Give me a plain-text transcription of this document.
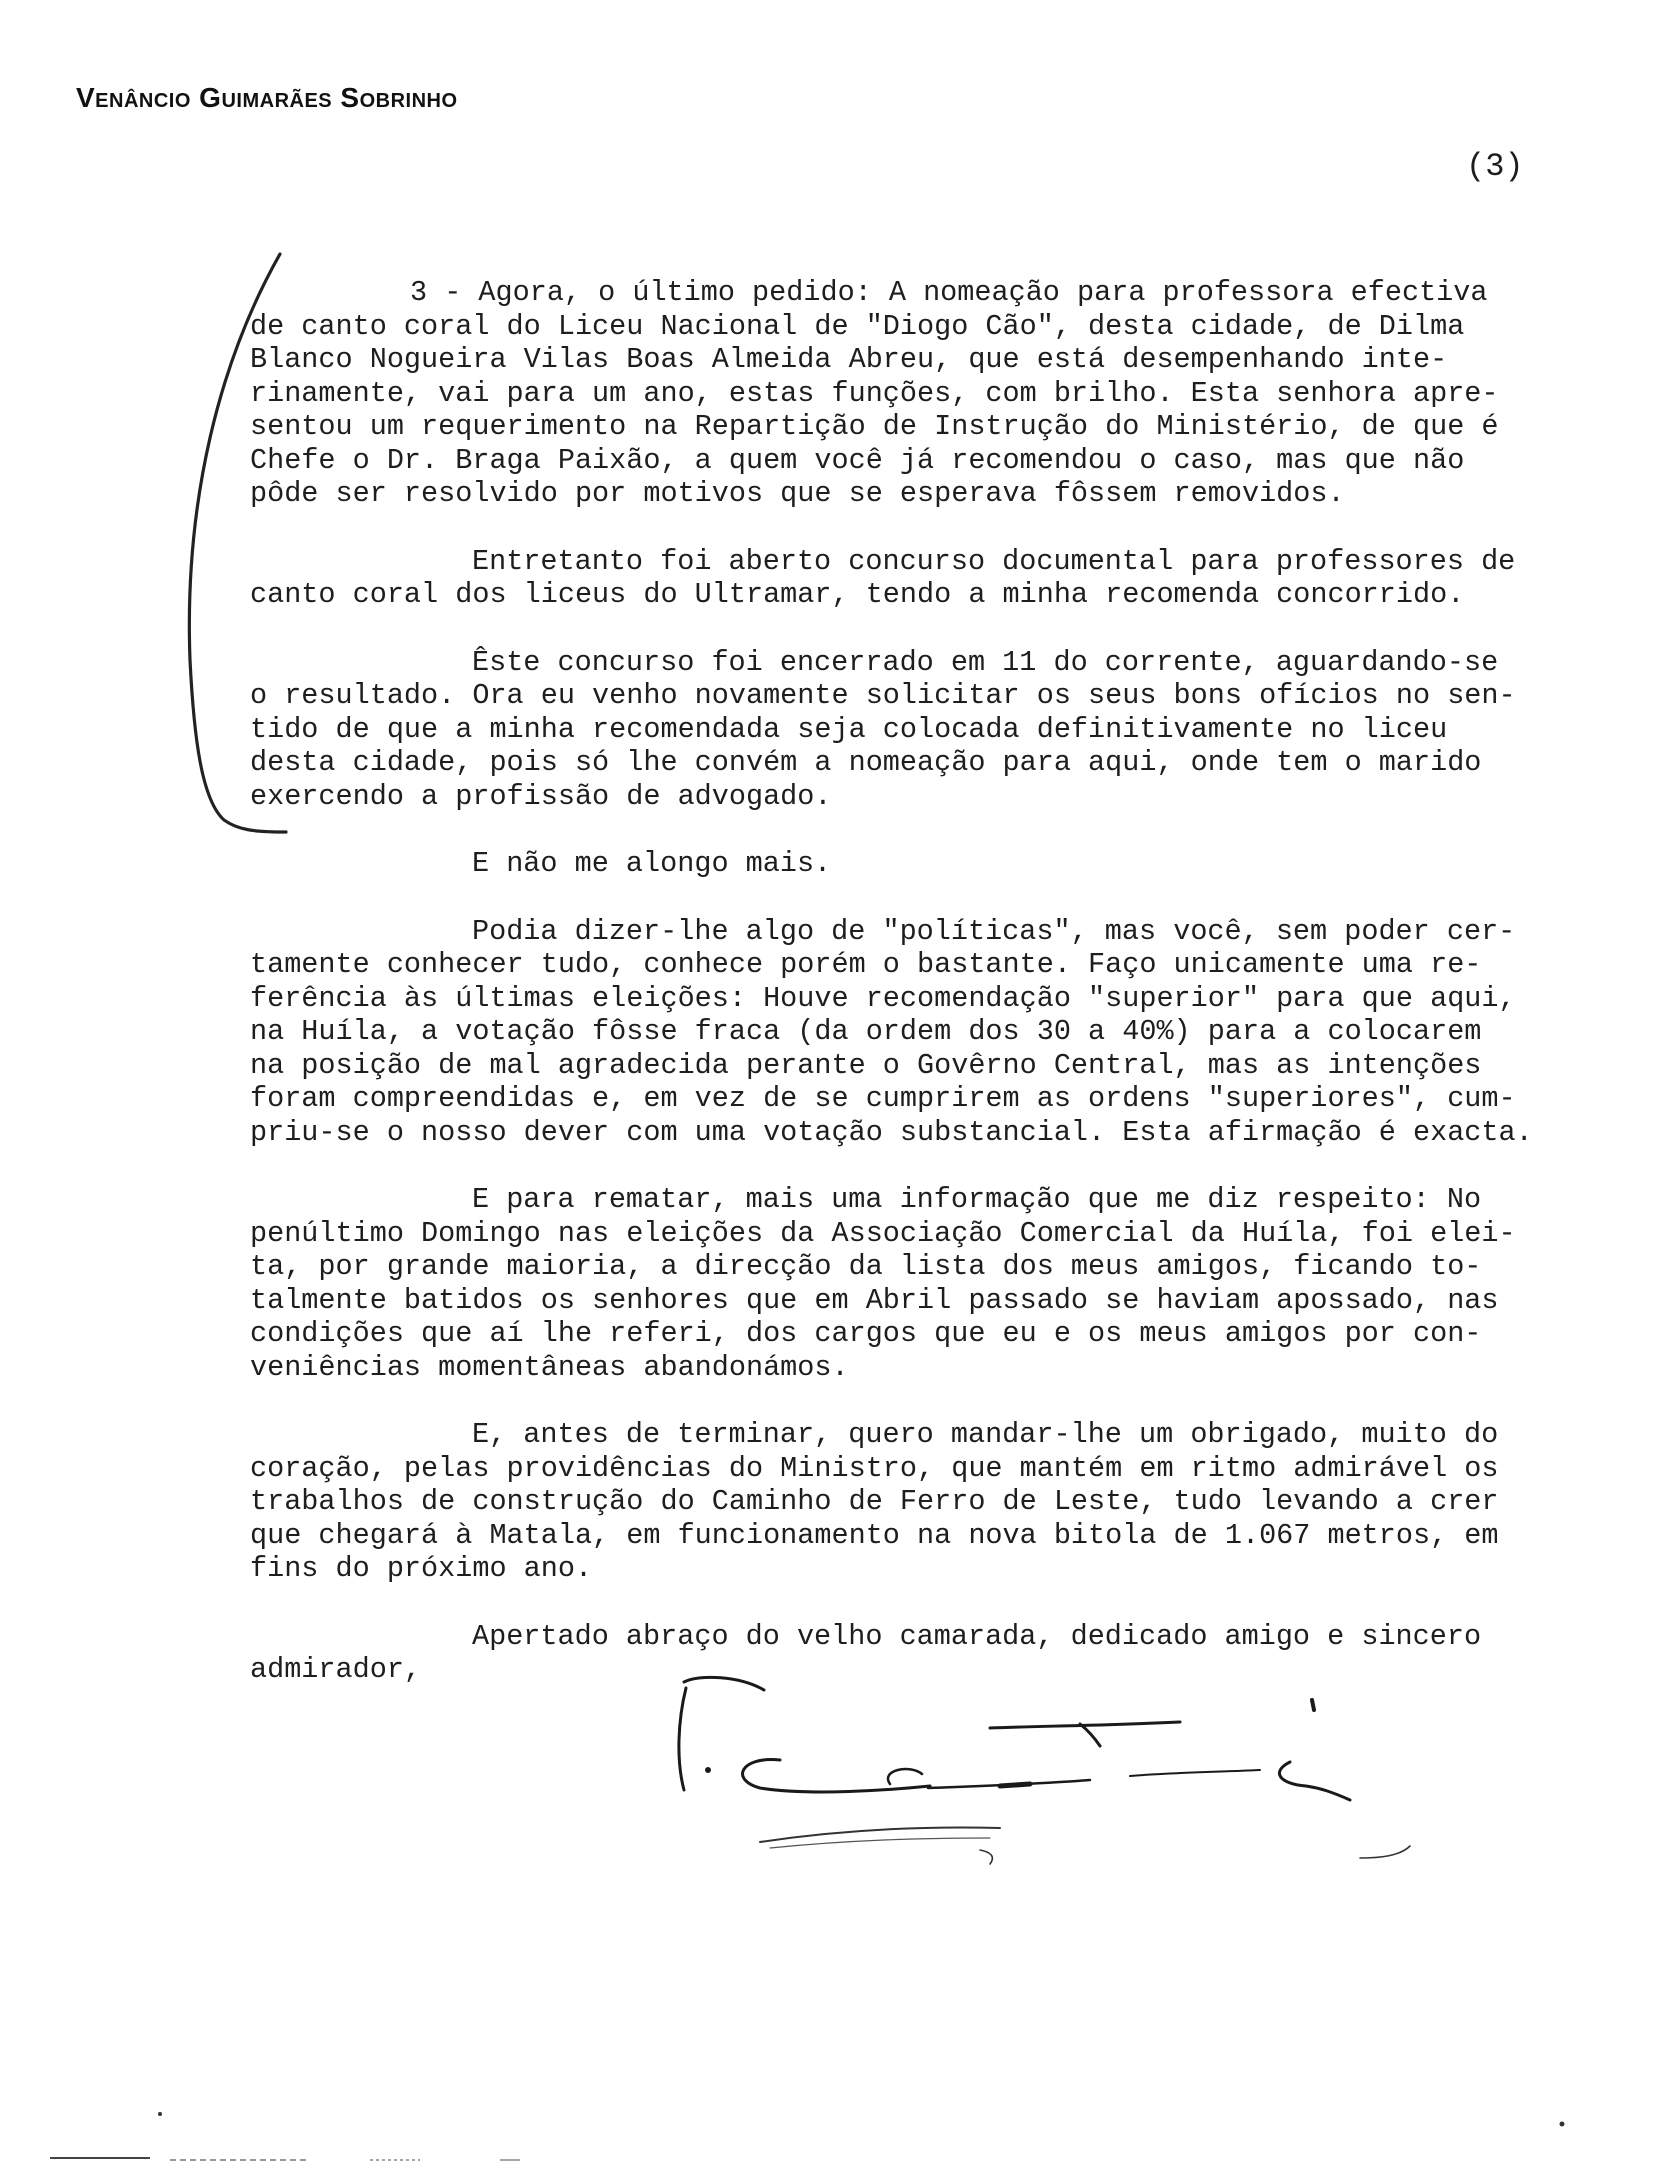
Venâncio Guimarães Sobrinho
(3)
3 - Agora, o último pedido: A nomeação para professora efectiva
de canto coral do Liceu Nacional de "Diogo Cão", desta cidade, de Dilma
Blanco Nogueira Vilas Boas Almeida Abreu, que está desempenhando inte-
rinamente, vai para um ano, estas funções, com brilho. Esta senhora apre-
sentou um requerimento na Repartição de Instrução do Ministério, de que é
Chefe o Dr. Braga Paixão, a quem você já recomendou o caso, mas que não
pôde ser resolvido por motivos que se esperava fôssem removidos.
Entretanto foi aberto concurso documental para professores de
canto coral dos liceus do Ultramar, tendo a minha recomenda concorrido.
Êste concurso foi encerrado em 11 do corrente, aguardando-se
o resultado. Ora eu venho novamente solicitar os seus bons ofícios no sen-
tido de que a minha recomendada seja colocada definitivamente no liceu
desta cidade, pois só lhe convém a nomeação para aqui, onde tem o marido
exercendo a profissão de advogado.
E não me alongo mais.
Podia dizer-lhe algo de "políticas", mas você, sem poder cer-
tamente conhecer tudo, conhece porém o bastante. Faço unicamente uma re-
ferência às últimas eleições: Houve recomendação "superior" para que aqui,
na Huíla, a votação fôsse fraca (da ordem dos 30 a 40%) para a colocarem
na posição de mal agradecida perante o Govêrno Central, mas as intenções
foram compreendidas e, em vez de se cumprirem as ordens "superiores", cum-
priu-se o nosso dever com uma votação substancial. Esta afirmação é exacta.
E para rematar, mais uma informação que me diz respeito: No
penúltimo Domingo nas eleições da Associação Comercial da Huíla, foi elei-
ta, por grande maioria, a direcção da lista dos meus amigos, ficando to-
talmente batidos os senhores que em Abril passado se haviam apossado, nas
condições que aí lhe referi, dos cargos que eu e os meus amigos por con-
veniências momentâneas abandonámos.
E, antes de terminar, quero mandar-lhe um obrigado, muito do
coração, pelas providências do Ministro, que mantém em ritmo admirável os
trabalhos de construção do Caminho de Ferro de Leste, tudo levando a crer
que chegará à Matala, em funcionamento na nova bitola de 1.067 metros, em
fins do próximo ano.
Apertado abraço do velho camarada, dedicado amigo e sincero
admirador,
